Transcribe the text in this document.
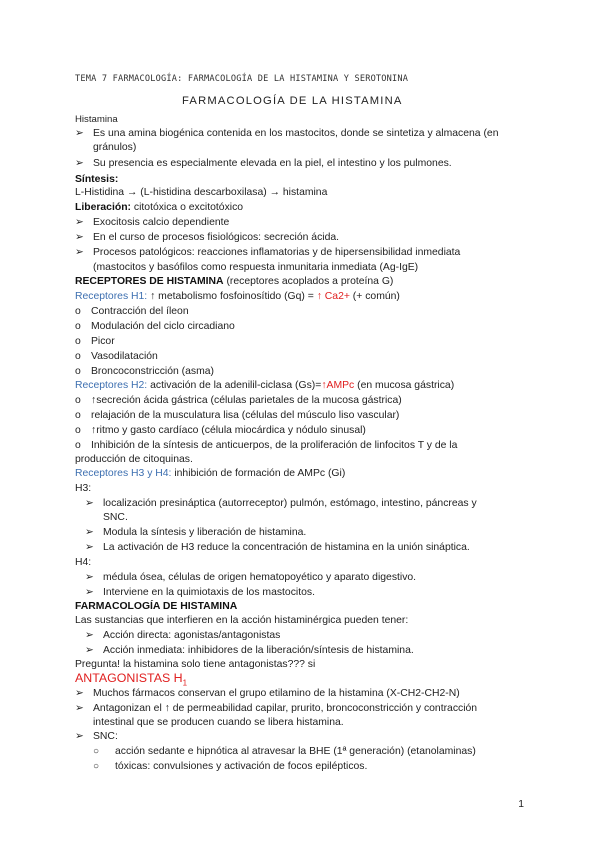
TEMA 7 FARMACOLOGÍA: FARMACOLOGÍA DE LA HISTAMINA Y SEROTONINA
FARMACOLOGÍA DE LA HISTAMINA
Histamina
➢ Es una amina biogénica contenida en los mastocitos, donde se sintetiza y almacena (en
gránulos)
➢ Su presencia es especialmente elevada en la piel, el intestino y los pulmones.
Síntesis:
L-Histidina → (L-histidina descarboxilasa) → histamina
Liberación: citotóxica o excitotóxico
➢ Exocitosis calcio dependiente
➢ En el curso de procesos fisiológicos: secreción ácida.
➢ Procesos patológicos: reacciones inflamatorias y de hipersensibilidad inmediata
(mastocitos y basófilos como respuesta inmunitaria inmediata (Ag-IgE)
RECEPTORES DE HISTAMINA (receptores acoplados a proteína G)
Receptores H1: ↑ metabolismo fosfoinosítido (Gq) = ↑ Ca2+ (+ común)
o Contracción del íleon
o Modulación del ciclo circadiano
o Picor
o Vasodilatación
o Broncoconstricción (asma)
Receptores H2: activación de la adenilil-ciclasa (Gs)=↑AMPc (en mucosa gástrica)
o ↑secreción ácida gástrica (células parietales de la mucosa gástrica)
o relajación de la musculatura lisa (células del músculo liso vascular)
o ↑ritmo y gasto cardíaco (célula miocárdica y nódulo sinusal)
o Inhibición de la síntesis de anticuerpos, de la proliferación de linfocitos T y de la
producción de citoquinas.
Receptores H3 y H4: inhibición de formación de AMPc (Gi)
H3:
➢ localización presináptica (autorreceptor) pulmón, estómago, intestino, páncreas y
SNC.
➢ Modula la síntesis y liberación de histamina.
➢ La activación de H3 reduce la concentración de histamina en la unión sináptica.
H4:
➢ médula ósea, células de origen hematopoyético y aparato digestivo.
➢ Interviene en la quimiotaxis de los mastocitos.
FARMACOLOGÍA DE HISTAMINA
Las sustancias que interfieren en la acción histaminérgica pueden tener:
➢ Acción directa: agonistas/antagonistas
➢ Acción inmediata: inhibidores de la liberación/síntesis de histamina.
Pregunta! la histamina solo tiene antagonistas??? si
ANTAGONISTAS $H_1$
➢ Muchos fármacos conservan el grupo etilamino de la histamina (X-CH2-CH2-N)
➢ Antagonizan el ↑ de permeabilidad capilar, prurito, broncoconstricción y contracción
intestinal que se producen cuando se libera histamina.
➢ SNC:
○ acción sedante e hipnótica al atravesar la BHE (1ª generación) (etanolaminas)
○ tóxicas: convulsiones y activación de focos epilépticos.
1
